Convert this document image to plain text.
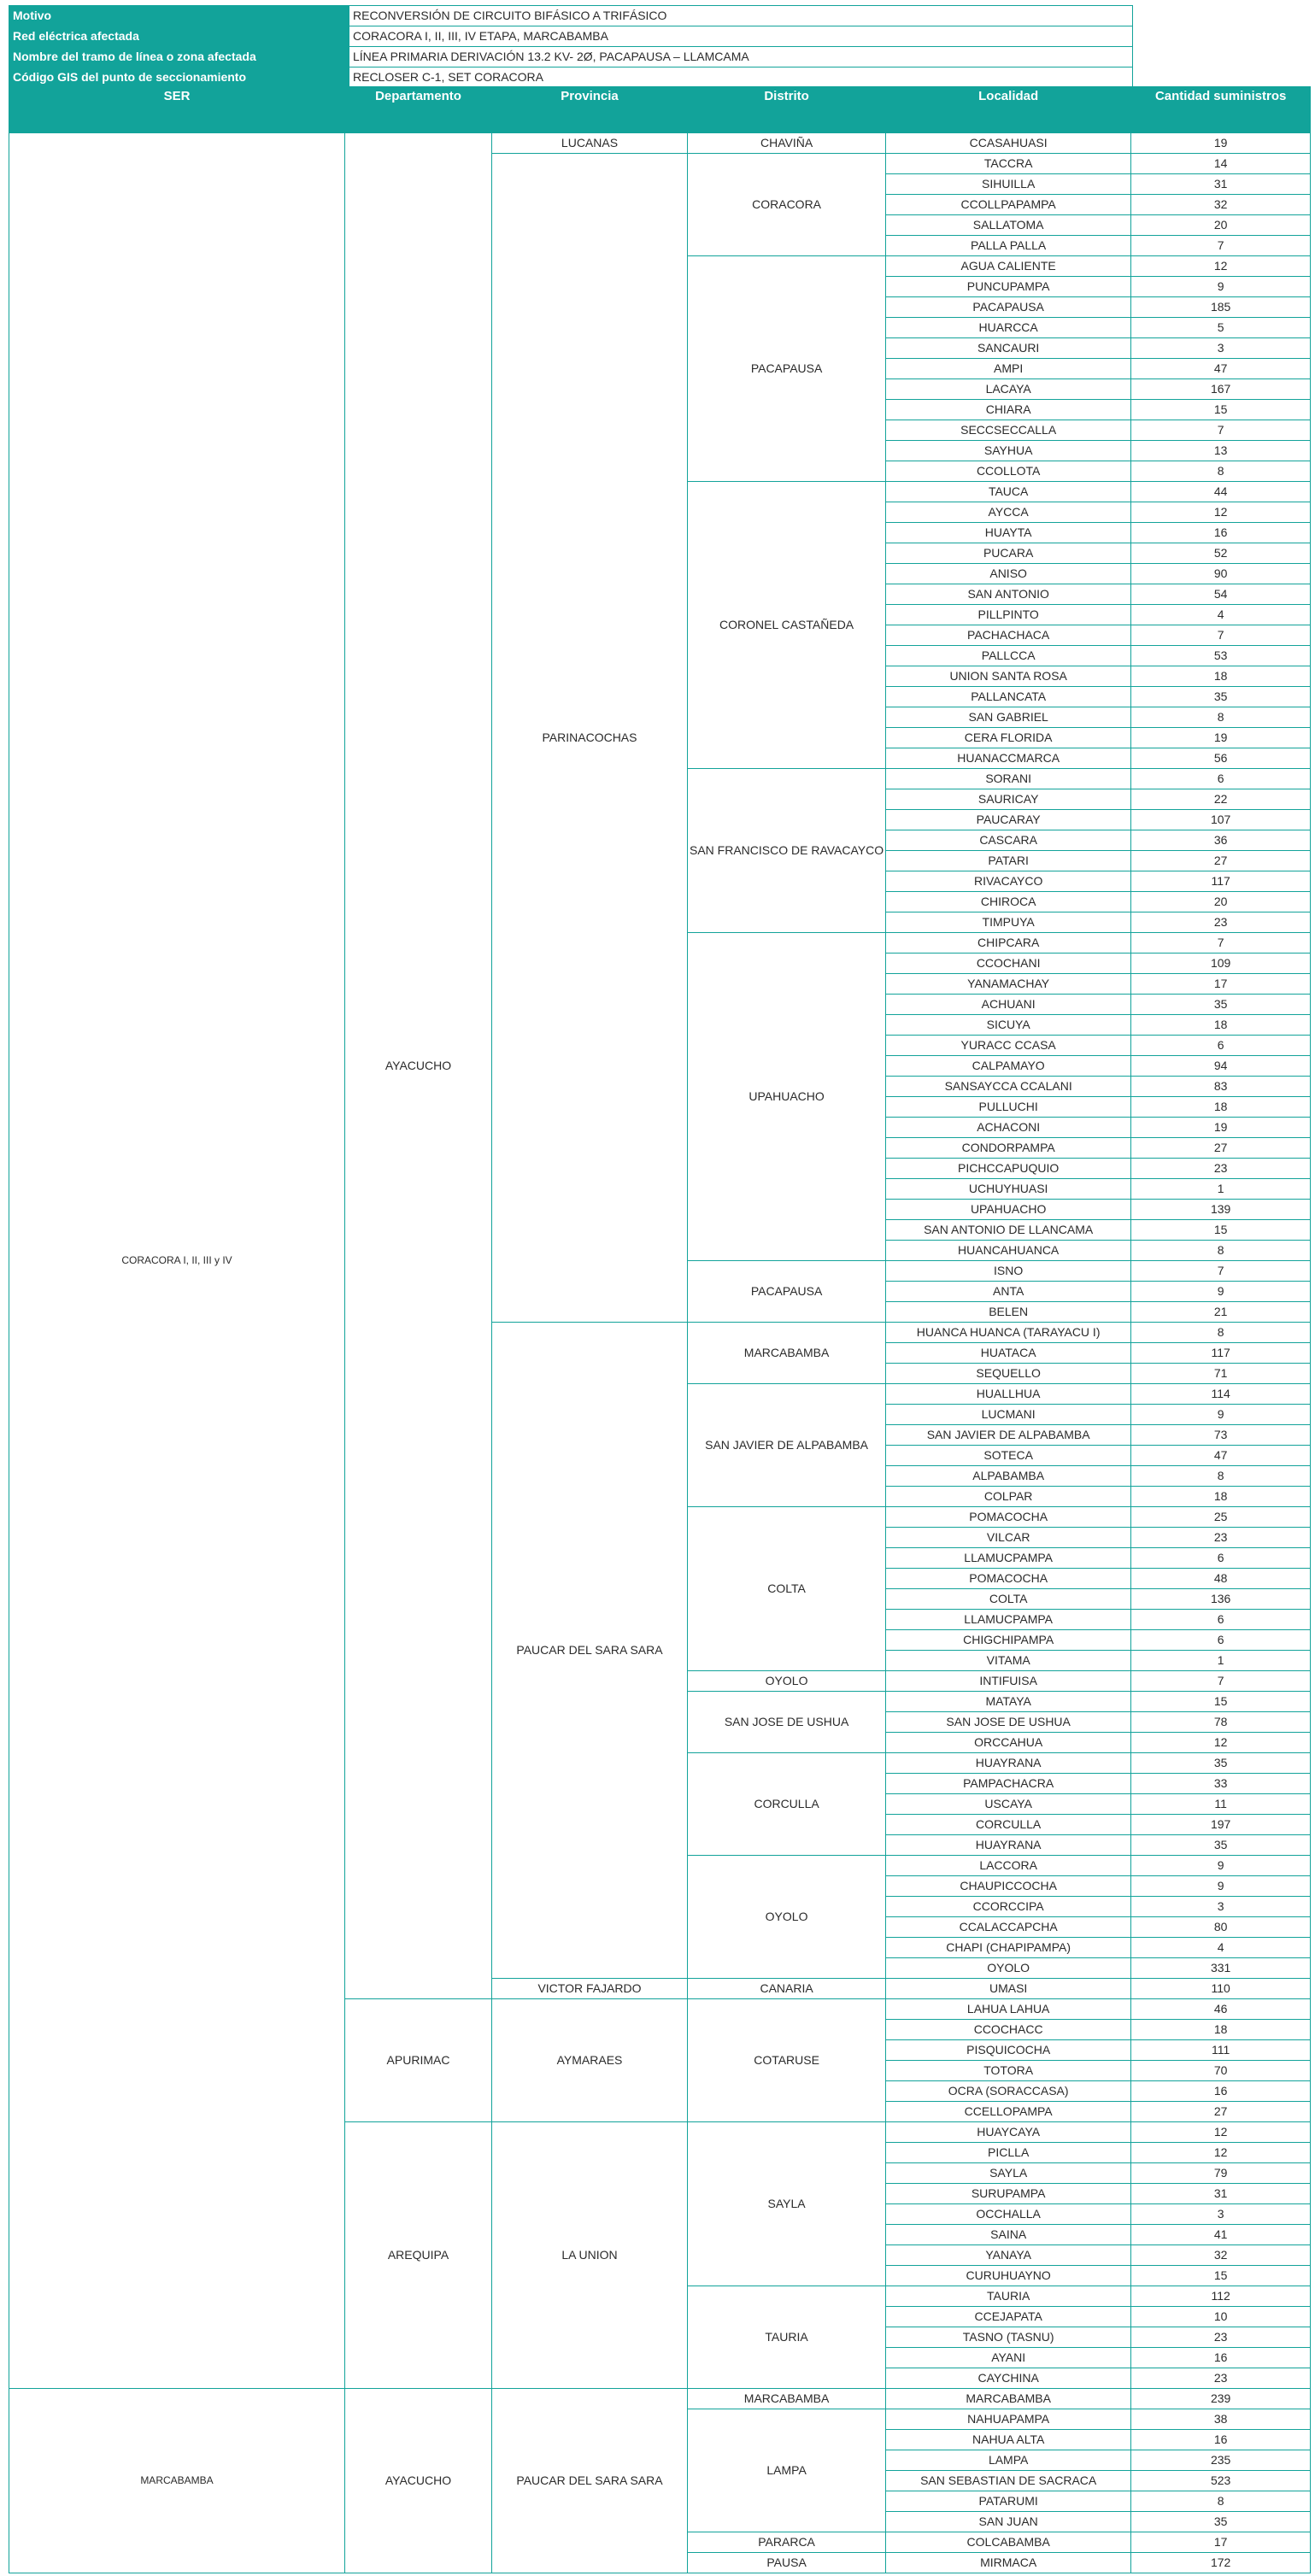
Motivo	RECONVERSIÓN DE CIRCUITO BIFÁSICO A TRIFÁSICO
Red eléctrica afectada	CORACORA I, II, III, IV ETAPA, MARCABAMBA
Nombre del tramo de línea o zona afectada	LÍNEA PRIMARIA DERIVACIÓN 13.2 KV- 2Ø, PACAPAUSA – LLAMCAMA
Código GIS del punto de seccionamiento	RECLOSER C-1, SET CORACORA
SER	Departamento	Provincia	Distrito	Localidad	Cantidad suministros

CORACORA I, II, III y IV	AYACUCHO	LUCANAS	CHAVIÑA	CCASAHUASI	19
		PARINACOCHAS	CORACORA	TACCRA	14
				SIHUILLA	31
				CCOLLPAPAMPA	32
				SALLATOMA	20
				PALLA PALLA	7
			PACAPAUSA	AGUA CALIENTE	12
				PUNCUPAMPA	9
				PACAPAUSA	185
				HUARCCA	5
				SANCAURI	3
				AMPI	47
				LACAYA	167
				CHIARA	15
				SECCSECCALLA	7
				SAYHUA	13
				CCOLLOTA	8
			CORONEL CASTAÑEDA	TAUCA	44
				AYCCA	12
				HUAYTA	16
				PUCARA	52
				ANISO	90
				SAN ANTONIO	54
				PILLPINTO	4
				PACHACHACA	7
				PALLCCA	53
				UNION SANTA ROSA	18
				PALLANCATA	35
				SAN GABRIEL	8
				CERA FLORIDA	19
				HUANACCMARCA	56
			SAN FRANCISCO DE RAVACAYCO	SORANI	6
				SAURICAY	22
				PAUCARAY	107
				CASCARA	36
				PATARI	27
				RIVACAYCO	117
				CHIROCA	20
				TIMPUYA	23
			UPAHUACHO	CHIPCARA	7
				CCOCHANI	109
				YANAMACHAY	17
				ACHUANI	35
				SICUYA	18
				YURACC CCASA	6
				CALPAMAYO	94
				SANSAYCCA CCALANI	83
				PULLUCHI	18
				ACHACONI	19
				CONDORPAMPA	27
				PICHCCAPUQUIO	23
				UCHUYHUASI	1
				UPAHUACHO	139
				SAN ANTONIO DE LLANCAMA	15
				HUANCAHUANCA	8
			PACAPAUSA	ISNO	7
				ANTA	9
				BELEN	21
		PAUCAR DEL SARA SARA	MARCABAMBA	HUANCA HUANCA (TARAYACU I)	8
				HUATACA	117
				SEQUELLO	71
			SAN JAVIER DE ALPABAMBA	HUALLHUA	114
				LUCMANI	9
				SAN JAVIER DE ALPABAMBA	73
				SOTECA	47
				ALPABAMBA	8
				COLPAR	18
			COLTA	POMACOCHA	25
				VILCAR	23
				LLAMUCPAMPA	6
				POMACOCHA	48
				COLTA	136
				LLAMUCPAMPA	6
				CHIGCHIPAMPA	6
				VITAMA	1
			OYOLO	INTIFUISA	7
			SAN JOSE DE USHUA	MATAYA	15
				SAN JOSE DE USHUA	78
				ORCCAHUA	12
			CORCULLA	HUAYRANA	35
				PAMPACHACRA	33
				USCAYA	11
				CORCULLA	197
				HUAYRANA	35
			OYOLO	LACCORA	9
				CHAUPICCOCHA	9
				CCORCCIPA	3
				CCALACCAPCHA	80
				CHAPI (CHAPIPAMPA)	4
				OYOLO	331
		VICTOR FAJARDO	CANARIA	UMASI	110
	APURIMAC	AYMARAES	COTARUSE	LAHUA LAHUA	46
				CCOCHACC	18
				PISQUICOCHA	111
				TOTORA	70
				OCRA (SORACCASA)	16
				CCELLOPAMPA	27
	AREQUIPA	LA UNION	SAYLA	HUAYCAYA	12
				PICLLA	12
				SAYLA	79
				SURUPAMPA	31
				OCCHALLA	3
				SAINA	41
				YANAYA	32
				CURUHUAYNO	15
			TAURIA	TAURIA	112
				CCEJAPATA	10
				TASNO (TASNU)	23
				AYANI	16
				CAYCHINA	23
MARCABAMBA	AYACUCHO	PAUCAR DEL SARA SARA	MARCABAMBA	MARCABAMBA	239
			LAMPA	NAHUAPAMPA	38
				NAHUA ALTA	16
				LAMPA	235
				SAN SEBASTIAN DE SACRACA	523
				PATARUMI	8
				SAN JUAN	35
			PARARCA	COLCABAMBA	17
			PAUSA	MIRMACA	172
